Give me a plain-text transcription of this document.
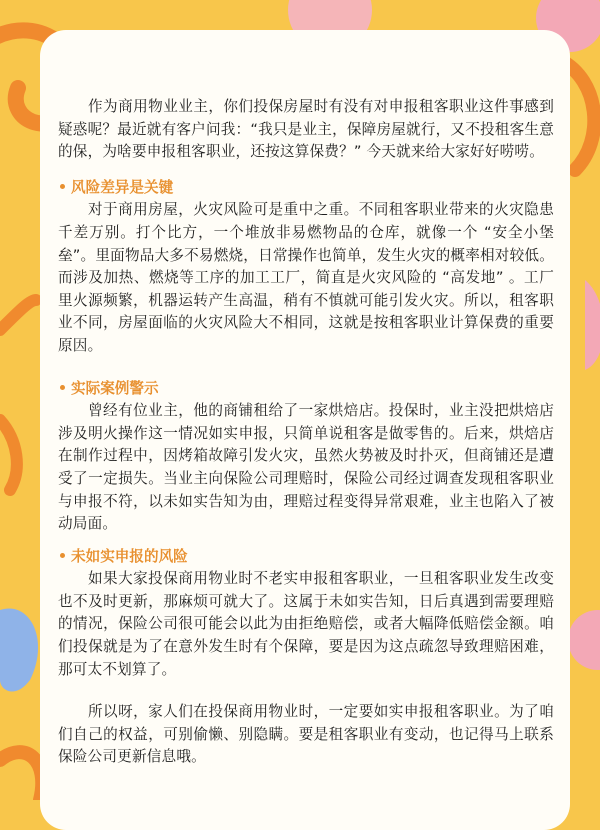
作为商用物业业主，你们投保房屋时有没有对申报租客职业这件事感到疑惑呢？最近就有客户问我：“我只是业主，保障房屋就行，又不投租客生意的保，为啥要申报租客职业，还按这算保费？” 今天就来给大家好好唠唠。

风险差异是关键

对于商用房屋，火灾风险可是重中之重。不同租客职业带来的火灾隐患千差万别。打个比方，一个堆放非易燃物品的仓库，就像一个 “安全小堡垒”。里面物品大多不易燃烧，日常操作也简单，发生火灾的概率相对较低。而涉及加热、燃烧等工序的加工工厂，简直是火灾风险的 “高发地” 。工厂里火源频繁，机器运转产生高温，稍有不慎就可能引发火灾。所以，租客职业不同，房屋面临的火灾风险大不相同，这就是按租客职业计算保费的重要原因。

实际案例警示

曾经有位业主，他的商铺租给了一家烘焙店。投保时，业主没把烘焙店涉及明火操作这一情况如实申报，只简单说租客是做零售的。后来，烘焙店在制作过程中，因烤箱故障引发火灾，虽然火势被及时扑灭，但商铺还是遭受了一定损失。当业主向保险公司理赔时，保险公司经过调查发现租客职业与申报不符，以未如实告知为由，理赔过程变得异常艰难，业主也陷入了被动局面。

未如实申报的风险

如果大家投保商用物业时不老实申报租客职业，一旦租客职业发生改变也不及时更新，那麻烦可就大了。这属于未如实告知，日后真遇到需要理赔的情况，保险公司很可能会以此为由拒绝赔偿，或者大幅降低赔偿金额。咱们投保就是为了在意外发生时有个保障，要是因为这点疏忽导致理赔困难，那可太不划算了。

所以呀，家人们在投保商用物业时，一定要如实申报租客职业。为了咱们自己的权益，可别偷懒、别隐瞒。要是租客职业有变动，也记得马上联系保险公司更新信息哦。
